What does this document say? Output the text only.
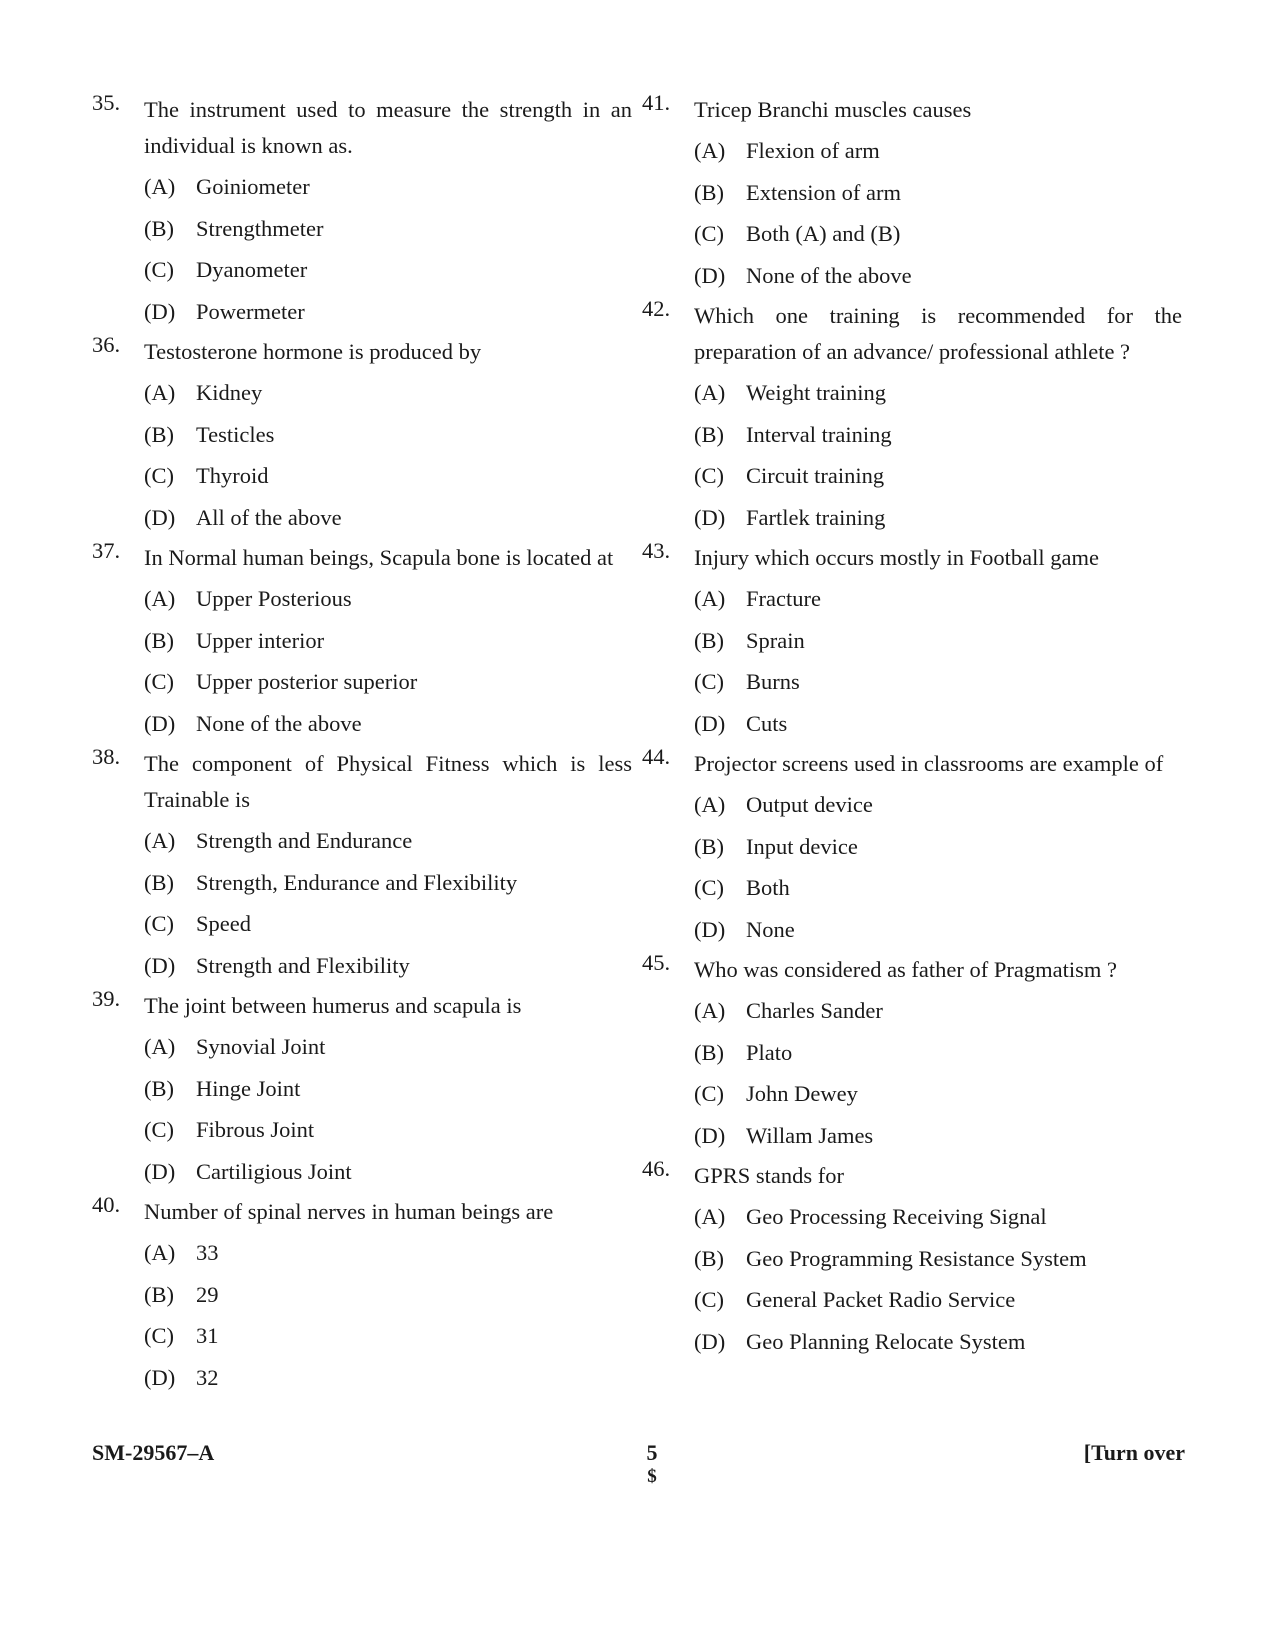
35.	The instrument used to measure the strength in an individual is known as.
(A) Goiniometer
(B) Strengthmeter
(C) Dyanometer
(D) Powermeter
36.	Testosterone hormone is produced by
(A) Kidney
(B) Testicles
(C) Thyroid
(D) All of the above
37.	In Normal human beings, Scapula bone is located at
(A) Upper Posterious
(B) Upper interior
(C) Upper posterior superior
(D) None of the above
38.	The component of Physical Fitness which is less Trainable is
(A) Strength and Endurance
(B) Strength, Endurance and Flexibility
(C) Speed
(D) Strength and Flexibility
39.	The joint between humerus and scapula is
(A) Synovial Joint
(B) Hinge Joint
(C) Fibrous Joint
(D) Cartiligious Joint
40.	Number of spinal nerves in human beings are
(A) 33
(B) 29
(C) 31
(D) 32
41.	Tricep Branchi muscles causes
(A) Flexion of arm
(B) Extension of arm
(C) Both (A) and (B)
(D) None of the above
42.	Which one training is recommended for the preparation of an advance/ professional athlete ?
(A) Weight training
(B) Interval training
(C) Circuit training
(D) Fartlek training
43.	Injury which occurs mostly in Football game
(A) Fracture
(B) Sprain
(C) Burns
(D) Cuts
44.	Projector screens used in classrooms are example of
(A) Output device
(B) Input device
(C) Both
(D) None
45.	Who was considered as father of Pragmatism ?
(A) Charles Sander
(B) Plato
(C) John Dewey
(D) Willam James
46.	GPRS stands for
(A) Geo Processing Receiving Signal
(B) Geo Programming Resistance System
(C) General Packet Radio Service
(D) Geo Planning Relocate System
SM-29567–A	5
$
[Turn over
